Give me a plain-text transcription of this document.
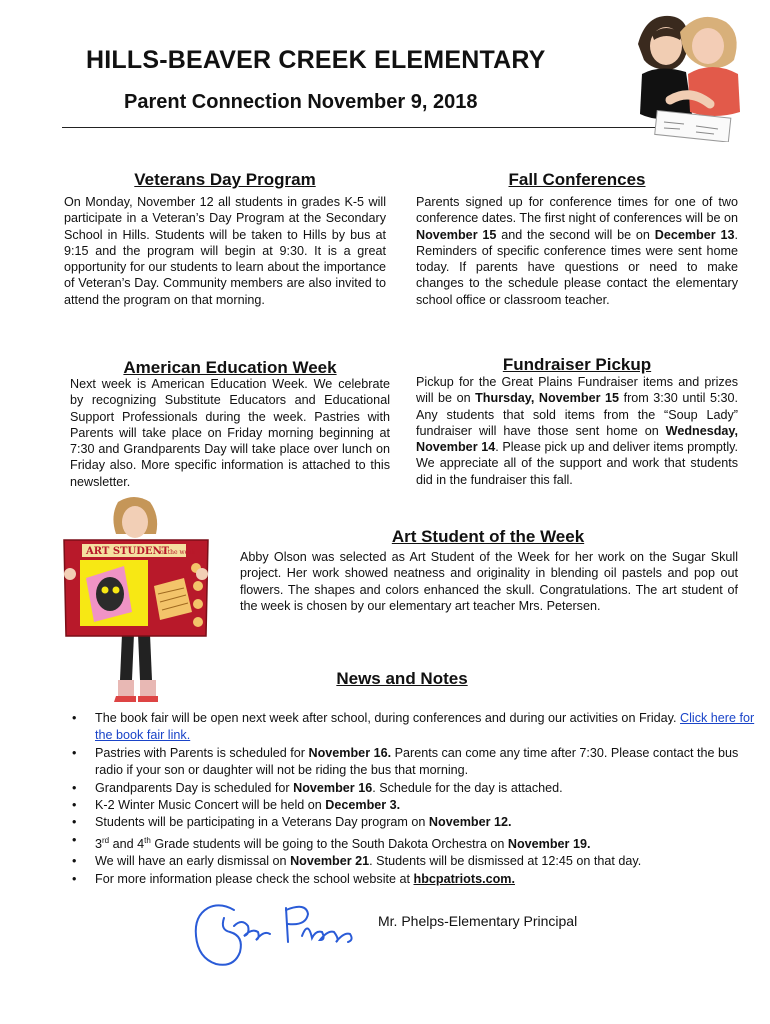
HILLS-BEAVER CREEK ELEMENTARY
Parent Connection November 9, 2018
Veterans Day Program

On Monday, November 12 all students in grades K-5 will participate in a Veteran’s Day Program at the Secondary School in Hills. Students will be taken to Hills by bus at 9:15 and the program will begin at 9:30. It is a great opportunity for our students to learn about the importance of Veteran’s Day. Community members are also invited to attend the program on that morning.

Fall Conferences

Parents signed up for conference times for one of two conference dates. The first night of conferences will be on November 15 and the second will be on December 13. Reminders of specific conference times were sent home today. If parents have questions or need to make changes to the schedule please contact the elementary school office or classroom teacher.

American Education Week

Next week is American Education Week. We celebrate by recognizing Substitute Educators and Educational Support Professionals during the week. Pastries with Parents will take place on Friday morning beginning at 7:30 and Grandparents Day will take place over lunch on Friday also. More specific information is attached to this newsletter.

Fundraiser Pickup

Pickup for the Great Plains Fundraiser items and prizes will be on Thursday, November 15 from 3:30 until 5:30. Any students that sold items from the “Soup Lady” fundraiser will have those sent home on Wednesday, November 14. Please pick up and deliver items promptly. We appreciate all of the support and work that students did in the fundraiser this fall.

ART STUDENT
of the week
Art Student of the Week

Abby Olson was selected as Art Student of the Week for her work on the Sugar Skull project. Her work showed neatness and originality in blending oil pastels and pop out flowers. The shapes and colors enhanced the skull. Congratulations. The art student of the week is chosen by our elementary art teacher Mrs. Petersen.

News and Notes
• The book fair will be open next week after school, during conferences and during our activities on Friday. Click here for the book fair link.
• Pastries with Parents is scheduled for November 16. Parents can come any time after 7:30. Please contact the bus radio if your son or daughter will not be riding the bus that morning.
• Grandparents Day is scheduled for November 16. Schedule for the day is attached.
• K-2 Winter Music Concert will be held on December 3.
• Students will be participating in a Veterans Day program on November 12.
• 3rd and 4th Grade students will be going to the South Dakota Orchestra on November 19.
• We will have an early dismissal on November 21. Students will be dismissed at 12:45 on that day.
• For more information please check the school website at hbcpatriots.com.
Mr. Phelps-Elementary Principal
